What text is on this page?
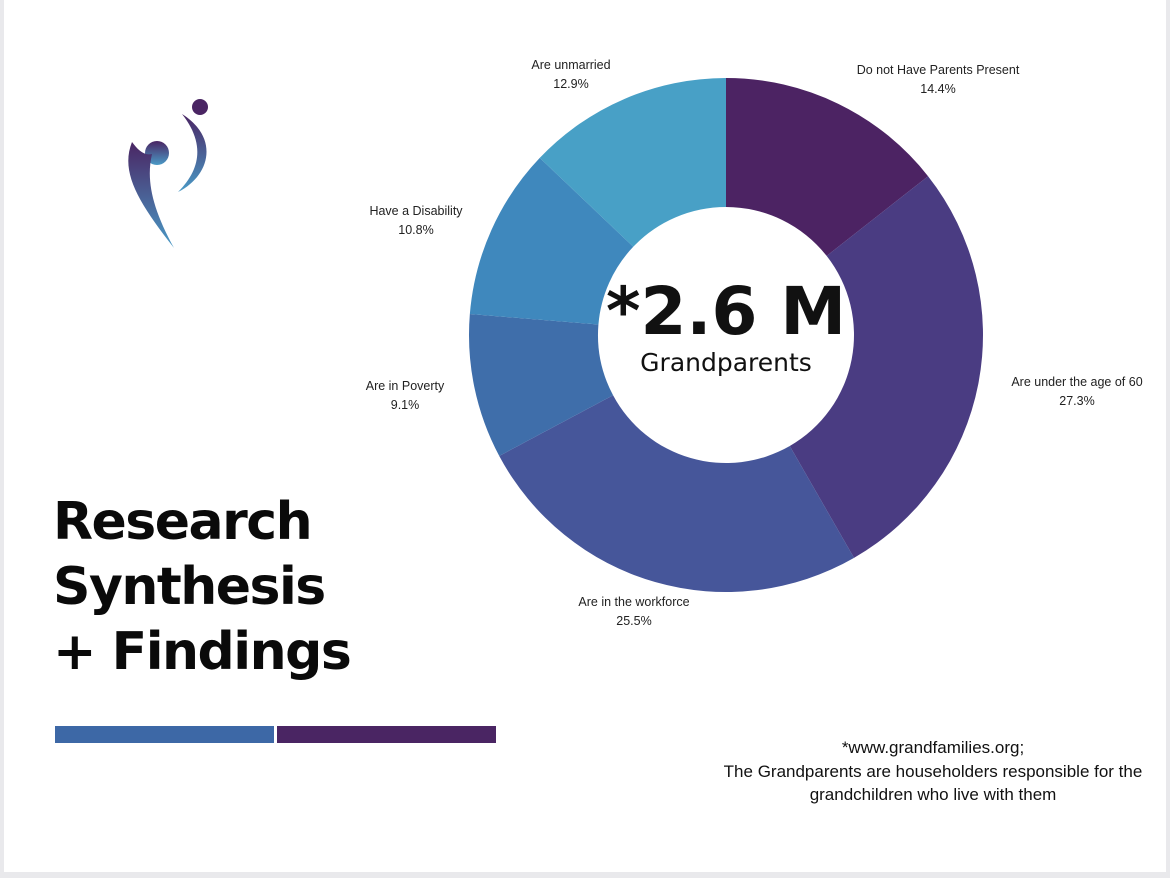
Research
Synthesis
+ Findings
Do not Have Parents Present
14.4%
Are under the age of 60
27.3%
Are in the workforce
25.5%
Are in Poverty
9.1%
Have a Disability
10.8%
Are unmarried
12.9%
*2.6 M
Grandparents
*www.grandfamilies.org;
The Grandparents are householders responsible for the
grandchildren who live with them
